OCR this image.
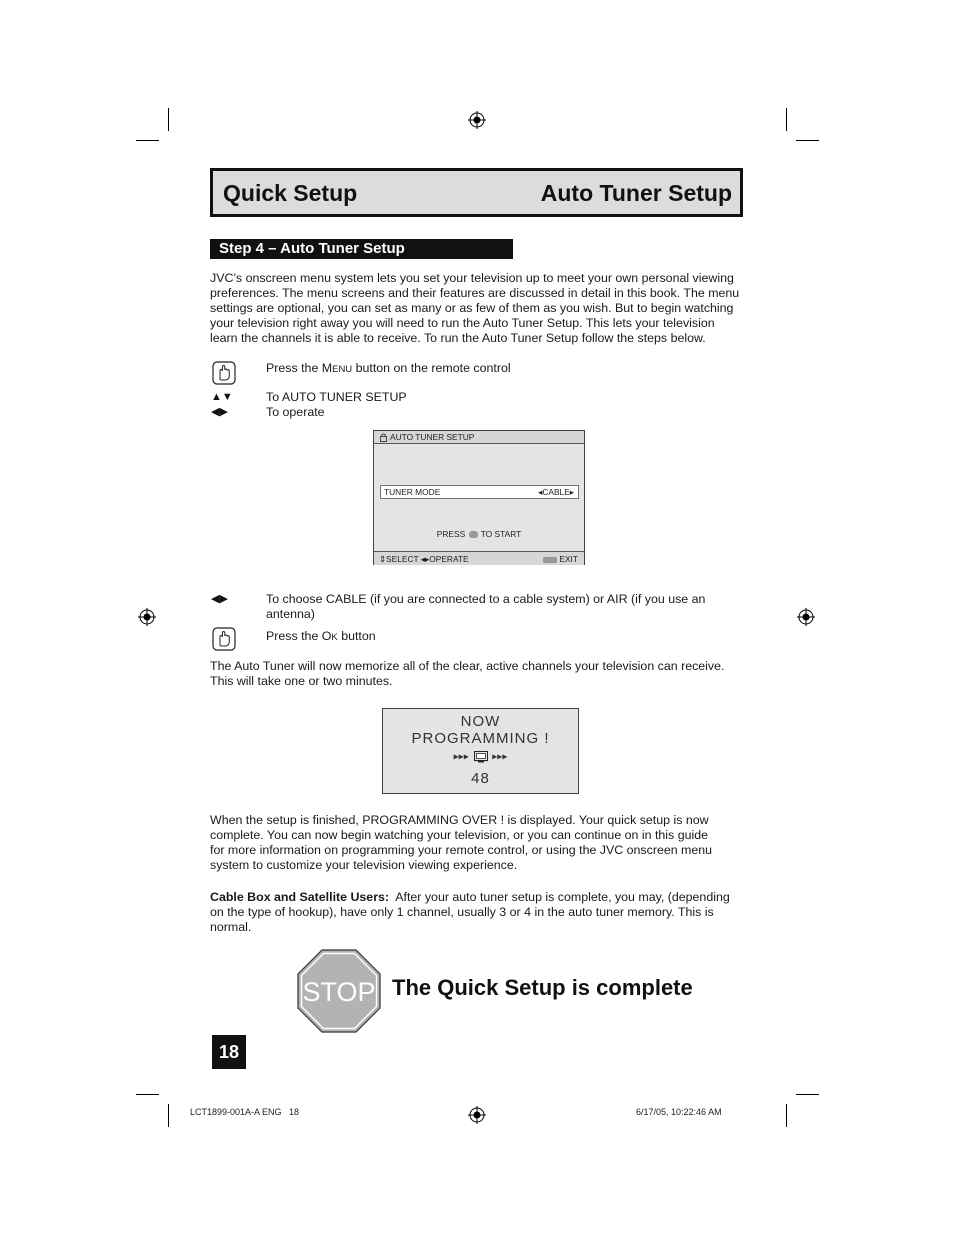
Quick Setup	Auto Tuner Setup
Step 4 – Auto Tuner Setup
JVC’s onscreen menu system lets you set your television up to meet your own personal viewing
preferences. The menu screens and their features are discussed in detail in this book. The menu
settings are optional, you can set as many or as few of them as you wish. But to begin watching
your television right away you will need to run the Auto Tuner Setup. This lets your television
learn the channels it is able to receive. To run the Auto Tuner Setup follow the steps below.
Press the MENU button on the remote control
▲▼	To AUTO TUNER SETUP
◀▶	To operate
AUTO TUNER SETUP
TUNER MODE	◂CABLE▸
PRESS TO START
⇕SELECT ◂▸OPERATE	EXIT
◀▶	To choose CABLE (if you are connected to a cable system) or AIR (if you use an
antenna)
Press the OK button
The Auto Tuner will now memorize all of the clear, active channels your television can receive.
This will take one or two minutes.
NOW
PROGRAMMING !
▸▸▸ ▸▸▸
48
When the setup is finished, PROGRAMMING OVER ! is displayed. Your quick setup is now
complete. You can now begin watching your television, or you can continue on in this guide
for more information on programming your remote control, or using the JVC onscreen menu
system to customize your television viewing experience.
Cable Box and Satellite Users:  After your auto tuner setup is complete, you may, (depending
on the type of hookup), have only 1 channel, usually 3 or 4 in the auto tuner memory. This is
normal.
STOP The Quick Setup is complete
18
LCT1899-001A-A ENG   18	6/17/05, 10:22:46 AM
